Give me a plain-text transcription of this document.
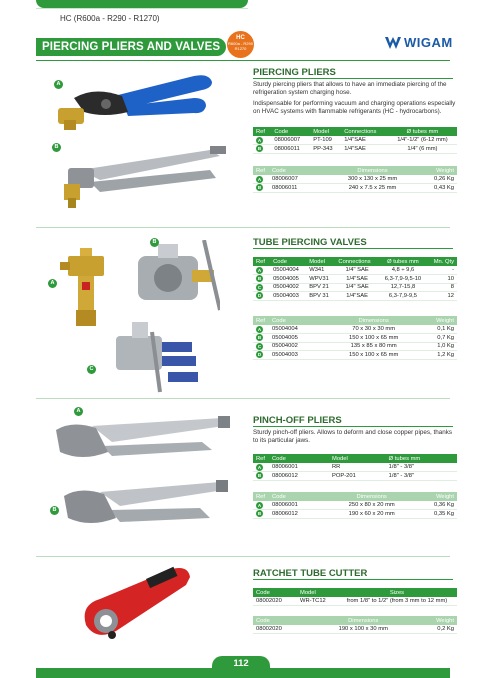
HC (R600a - R290 - R1270)
PIERCING PLIERS AND VALVES
HC
R600a - R290
R1270	WIGAM
A
B
PIERCING PLIERS
Sturdy piercing pliers that allows to have an immediate piercing of the refrigeration system charging hose.
Indispensable for performing vacuum and charging operations especially on HVAC systems with flammable refrigerants (HC - hydrocarbons).
Ref	Code	Model	Connections	Ø tubes mm
A	08006007	PT-109	1/4"SAE	1/4"-1/2" (6-12 mm)
B	08006011	PP-343	1/4"SAE	1/4" (6 mm)
Ref	Code	Dimensions	Weight
A	08006007	300 x 130 x 25 mm	0,26 Kg
B	08006011	240 x 7.5 x 25 mm	0,43 Kg
A
B
C
TUBE PIERCING VALVES
Ref	Code	Model	Connections	Ø tubes mm	Mn. Qty
A	05004004	W341	1/4" SAE	4,8 ÷ 9,6	-
B	05004005	WPV31	1/4"SAE	6,3-7,9-9,5-10	10
C	05004002	BPV 21	1/4" SAE	12,7-15,8	8
D	05004003	BPV 31	1/4"SAE	6,3-7,9-9,5	12
Ref	Code	Dimensions	Weight
A	05004004	70 x 30 x 30 mm	0,1 Kg
B	05004005	150 x 100 x 65 mm	0,7 Kg
C	05004002	135 x 85 x 80 mm	1,0 Kg
D	05004003	150 x 100 x 65 mm	1,2 Kg
A
B
PINCH-OFF PLIERS
Sturdy pinch-off pliers. Allows to deform and close copper pipes, thanks to its particular jaws.
Ref	Code	Model	Ø tubes mm
A	08006001	RR	1/8" - 3/8"
B	08006012	POP-201	1/8" - 3/8"
Ref	Code	Dimensions	Weight
A	08006001	250 x 80 x 20 mm	0,36 Kg
B	08006012	190 x 60 x 20 mm	0,35 Kg
RATCHET TUBE CUTTER
Code	Model	Sizes
08002020	WR-TC12	from 1/8" to 1/2" (from 3 mm to 12 mm)
Code	Dimensions	Weight
08002020	190 x 100 x 30 mm	0,2 Kg
112
